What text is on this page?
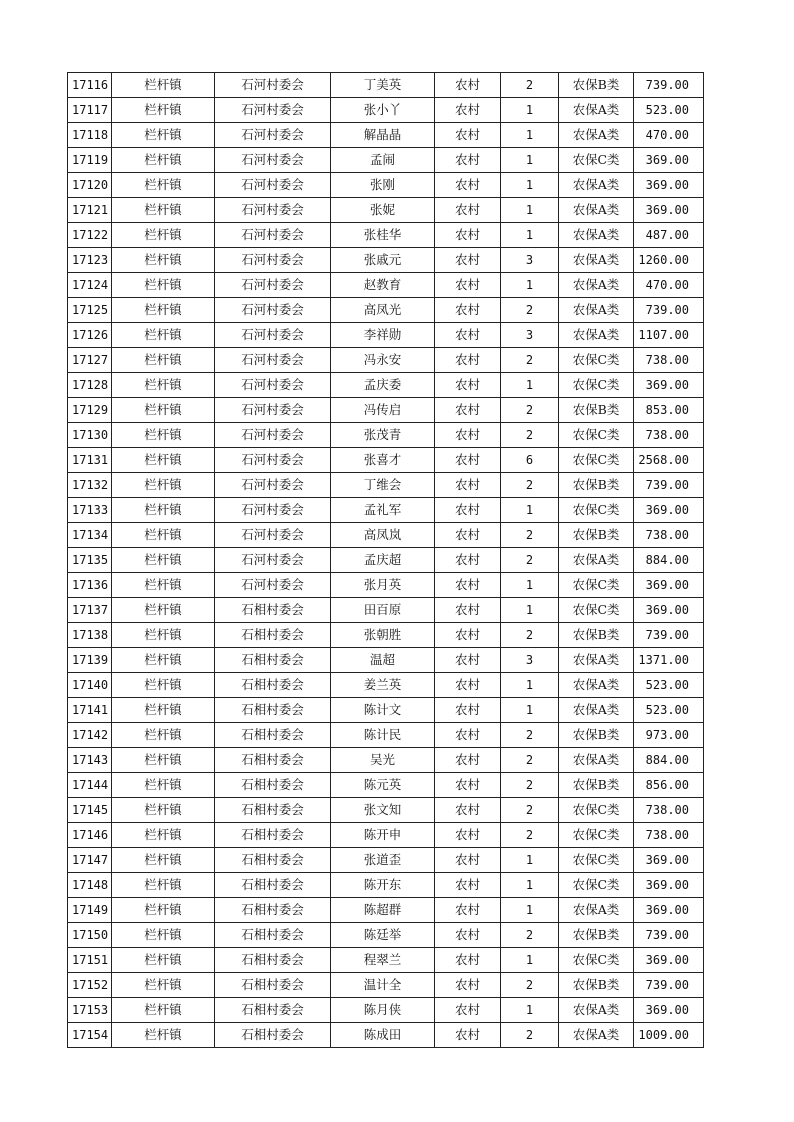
17116	栏杆镇	石河村委会	丁美英	农村	2	农保B类	739.00
17117	栏杆镇	石河村委会	张小丫	农村	1	农保A类	523.00
17118	栏杆镇	石河村委会	解晶晶	农村	1	农保A类	470.00
17119	栏杆镇	石河村委会	孟闹	农村	1	农保C类	369.00
17120	栏杆镇	石河村委会	张刚	农村	1	农保A类	369.00
17121	栏杆镇	石河村委会	张妮	农村	1	农保A类	369.00
17122	栏杆镇	石河村委会	张桂华	农村	1	农保A类	487.00
17123	栏杆镇	石河村委会	张戚元	农村	3	农保A类	1260.00
17124	栏杆镇	石河村委会	赵教育	农村	1	农保A类	470.00
17125	栏杆镇	石河村委会	高凤光	农村	2	农保A类	739.00
17126	栏杆镇	石河村委会	李祥勋	农村	3	农保A类	1107.00
17127	栏杆镇	石河村委会	冯永安	农村	2	农保C类	738.00
17128	栏杆镇	石河村委会	孟庆委	农村	1	农保C类	369.00
17129	栏杆镇	石河村委会	冯传启	农村	2	农保B类	853.00
17130	栏杆镇	石河村委会	张茂青	农村	2	农保C类	738.00
17131	栏杆镇	石河村委会	张喜才	农村	6	农保C类	2568.00
17132	栏杆镇	石河村委会	丁维会	农村	2	农保B类	739.00
17133	栏杆镇	石河村委会	孟礼军	农村	1	农保C类	369.00
17134	栏杆镇	石河村委会	高凤岚	农村	2	农保B类	738.00
17135	栏杆镇	石河村委会	孟庆超	农村	2	农保A类	884.00
17136	栏杆镇	石河村委会	张月英	农村	1	农保C类	369.00
17137	栏杆镇	石相村委会	田百原	农村	1	农保C类	369.00
17138	栏杆镇	石相村委会	张朝胜	农村	2	农保B类	739.00
17139	栏杆镇	石相村委会	温超	农村	3	农保A类	1371.00
17140	栏杆镇	石相村委会	姜兰英	农村	1	农保A类	523.00
17141	栏杆镇	石相村委会	陈计文	农村	1	农保A类	523.00
17142	栏杆镇	石相村委会	陈计民	农村	2	农保B类	973.00
17143	栏杆镇	石相村委会	吴光	农村	2	农保A类	884.00
17144	栏杆镇	石相村委会	陈元英	农村	2	农保B类	856.00
17145	栏杆镇	石相村委会	张文知	农村	2	农保C类	738.00
17146	栏杆镇	石相村委会	陈开申	农村	2	农保C类	738.00
17147	栏杆镇	石相村委会	张道歪	农村	1	农保C类	369.00
17148	栏杆镇	石相村委会	陈开东	农村	1	农保C类	369.00
17149	栏杆镇	石相村委会	陈超群	农村	1	农保A类	369.00
17150	栏杆镇	石相村委会	陈廷举	农村	2	农保B类	739.00
17151	栏杆镇	石相村委会	程翠兰	农村	1	农保C类	369.00
17152	栏杆镇	石相村委会	温计全	农村	2	农保B类	739.00
17153	栏杆镇	石相村委会	陈月侠	农村	1	农保A类	369.00
17154	栏杆镇	石相村委会	陈成田	农村	2	农保A类	1009.00
